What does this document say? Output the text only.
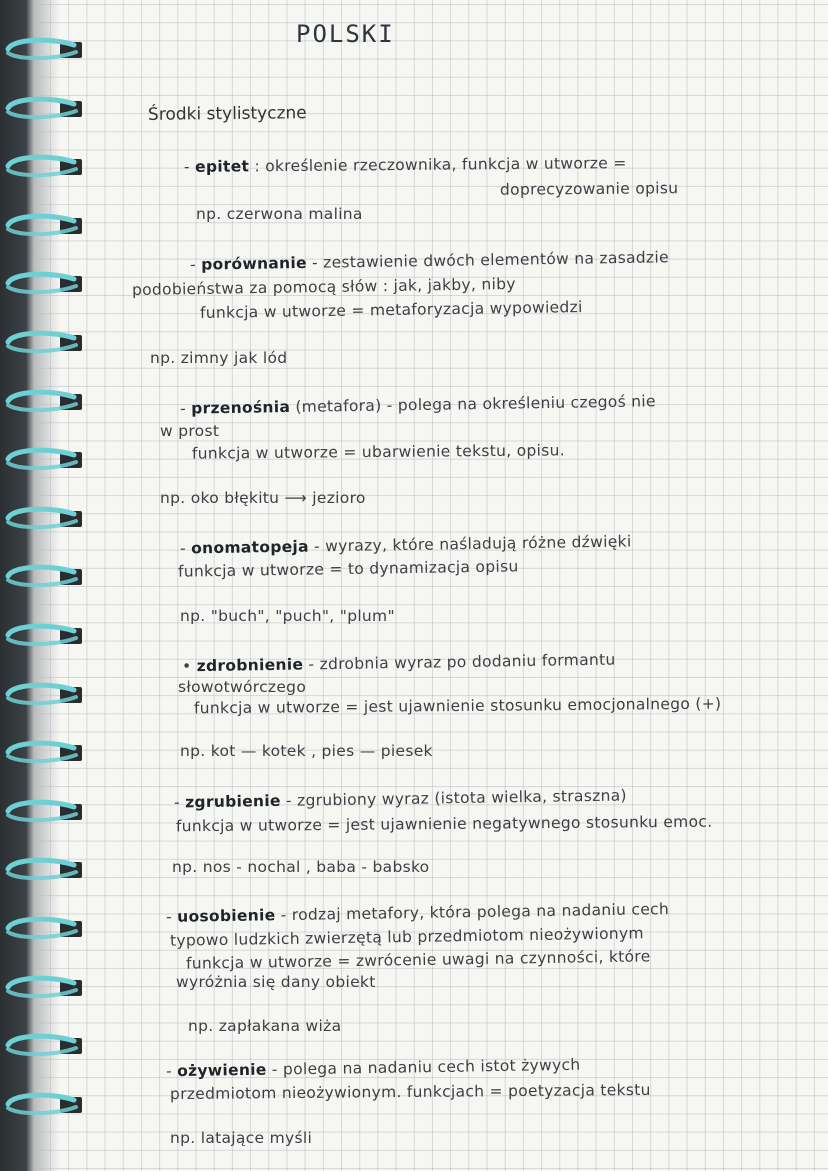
POLSKI
Środki stylistyczne
- epitet : określenie rzeczownika, funkcja w utworze =
doprecyzowanie opisu
np. czerwona malina
- porównanie - zestawienie dwóch elementów na zasadzie
podobieństwa za pomocą słów : jak, jakby, niby
funkcja w utworze = metaforyzacja wypowiedzi
np. zimny jak lód
- przenośnia (metafora) - polega na określeniu czegoś nie
w prost
funkcja w utworze = ubarwienie tekstu, opisu.
np. oko błękitu ⟶ jezioro
- onomatopeja - wyrazy, które naśladują różne dźwięki
funkcja w utworze = to dynamizacja opisu
np. "buch", "puch", "plum"
• zdrobnienie - zdrobnia wyraz po dodaniu formantu
słowotwórczego
funkcja w utworze = jest ujawnienie stosunku emocjonalnego (+)
np. kot — kotek , pies — piesek
- zgrubienie - zgrubiony wyraz (istota wielka, straszna)
funkcja w utworze = jest ujawnienie negatywnego stosunku emoc.
np. nos - nochal , baba - babsko
- uosobienie - rodzaj metafory, która polega na nadaniu cech
typowo ludzkich zwierzętą lub przedmiotom nieożywionym
funkcja w utworze = zwrócenie uwagi na czynności, które
wyróżnia się dany obiekt
np. zapłakana wiża
- ożywienie - polega na nadaniu cech istot żywych
przedmiotom nieożywionym. funkcjach = poetyzacja tekstu
np. latające myśli
